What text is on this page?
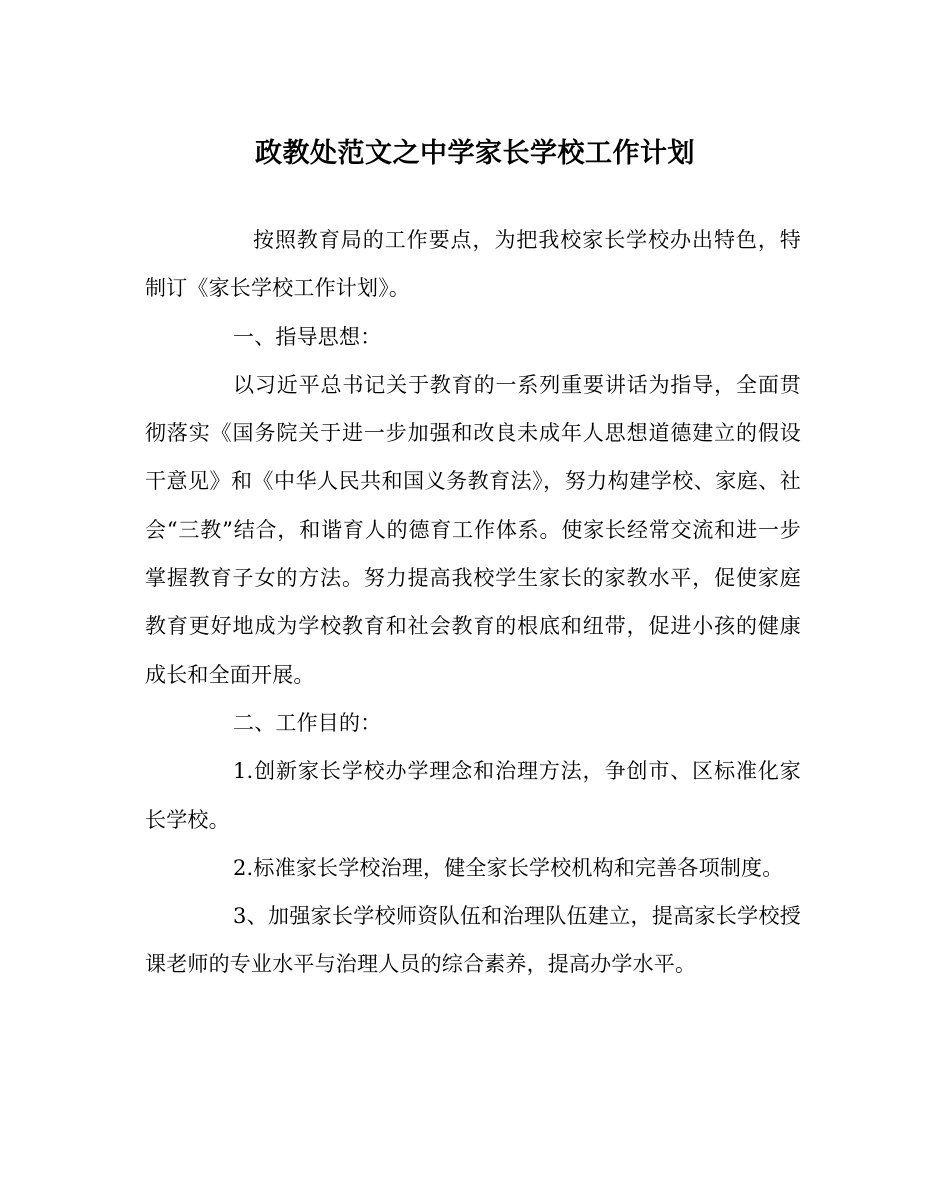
政教处范文之中学家长学校工作计划

按照教育局的工作要点，为把我校家长学校办出特色，特制订《家长学校工作计划》。

一、指导思想：

以习近平总书记关于教育的一系列重要讲话为指导，全面贯彻落实《国务院关于进一步加强和改良未成年人思想道德建立的假设干意见》和《中华人民共和国义务教育法》，努力构建学校、家庭、社会“三教”结合，和谐育人的德育工作体系。使家长经常交流和进一步掌握教育子女的方法。努力提高我校学生家长的家教水平，促使家庭教育更好地成为学校教育和社会教育的根底和纽带，促进小孩的健康成长和全面开展。

二、工作目的：

1.创新家长学校办学理念和治理方法，争创市、区标准化家长学校。

2.标准家长学校治理，健全家长学校机构和完善各项制度。

3、加强家长学校师资队伍和治理队伍建立，提高家长学校授课老师的专业水平与治理人员的综合素养，提高办学水平。
